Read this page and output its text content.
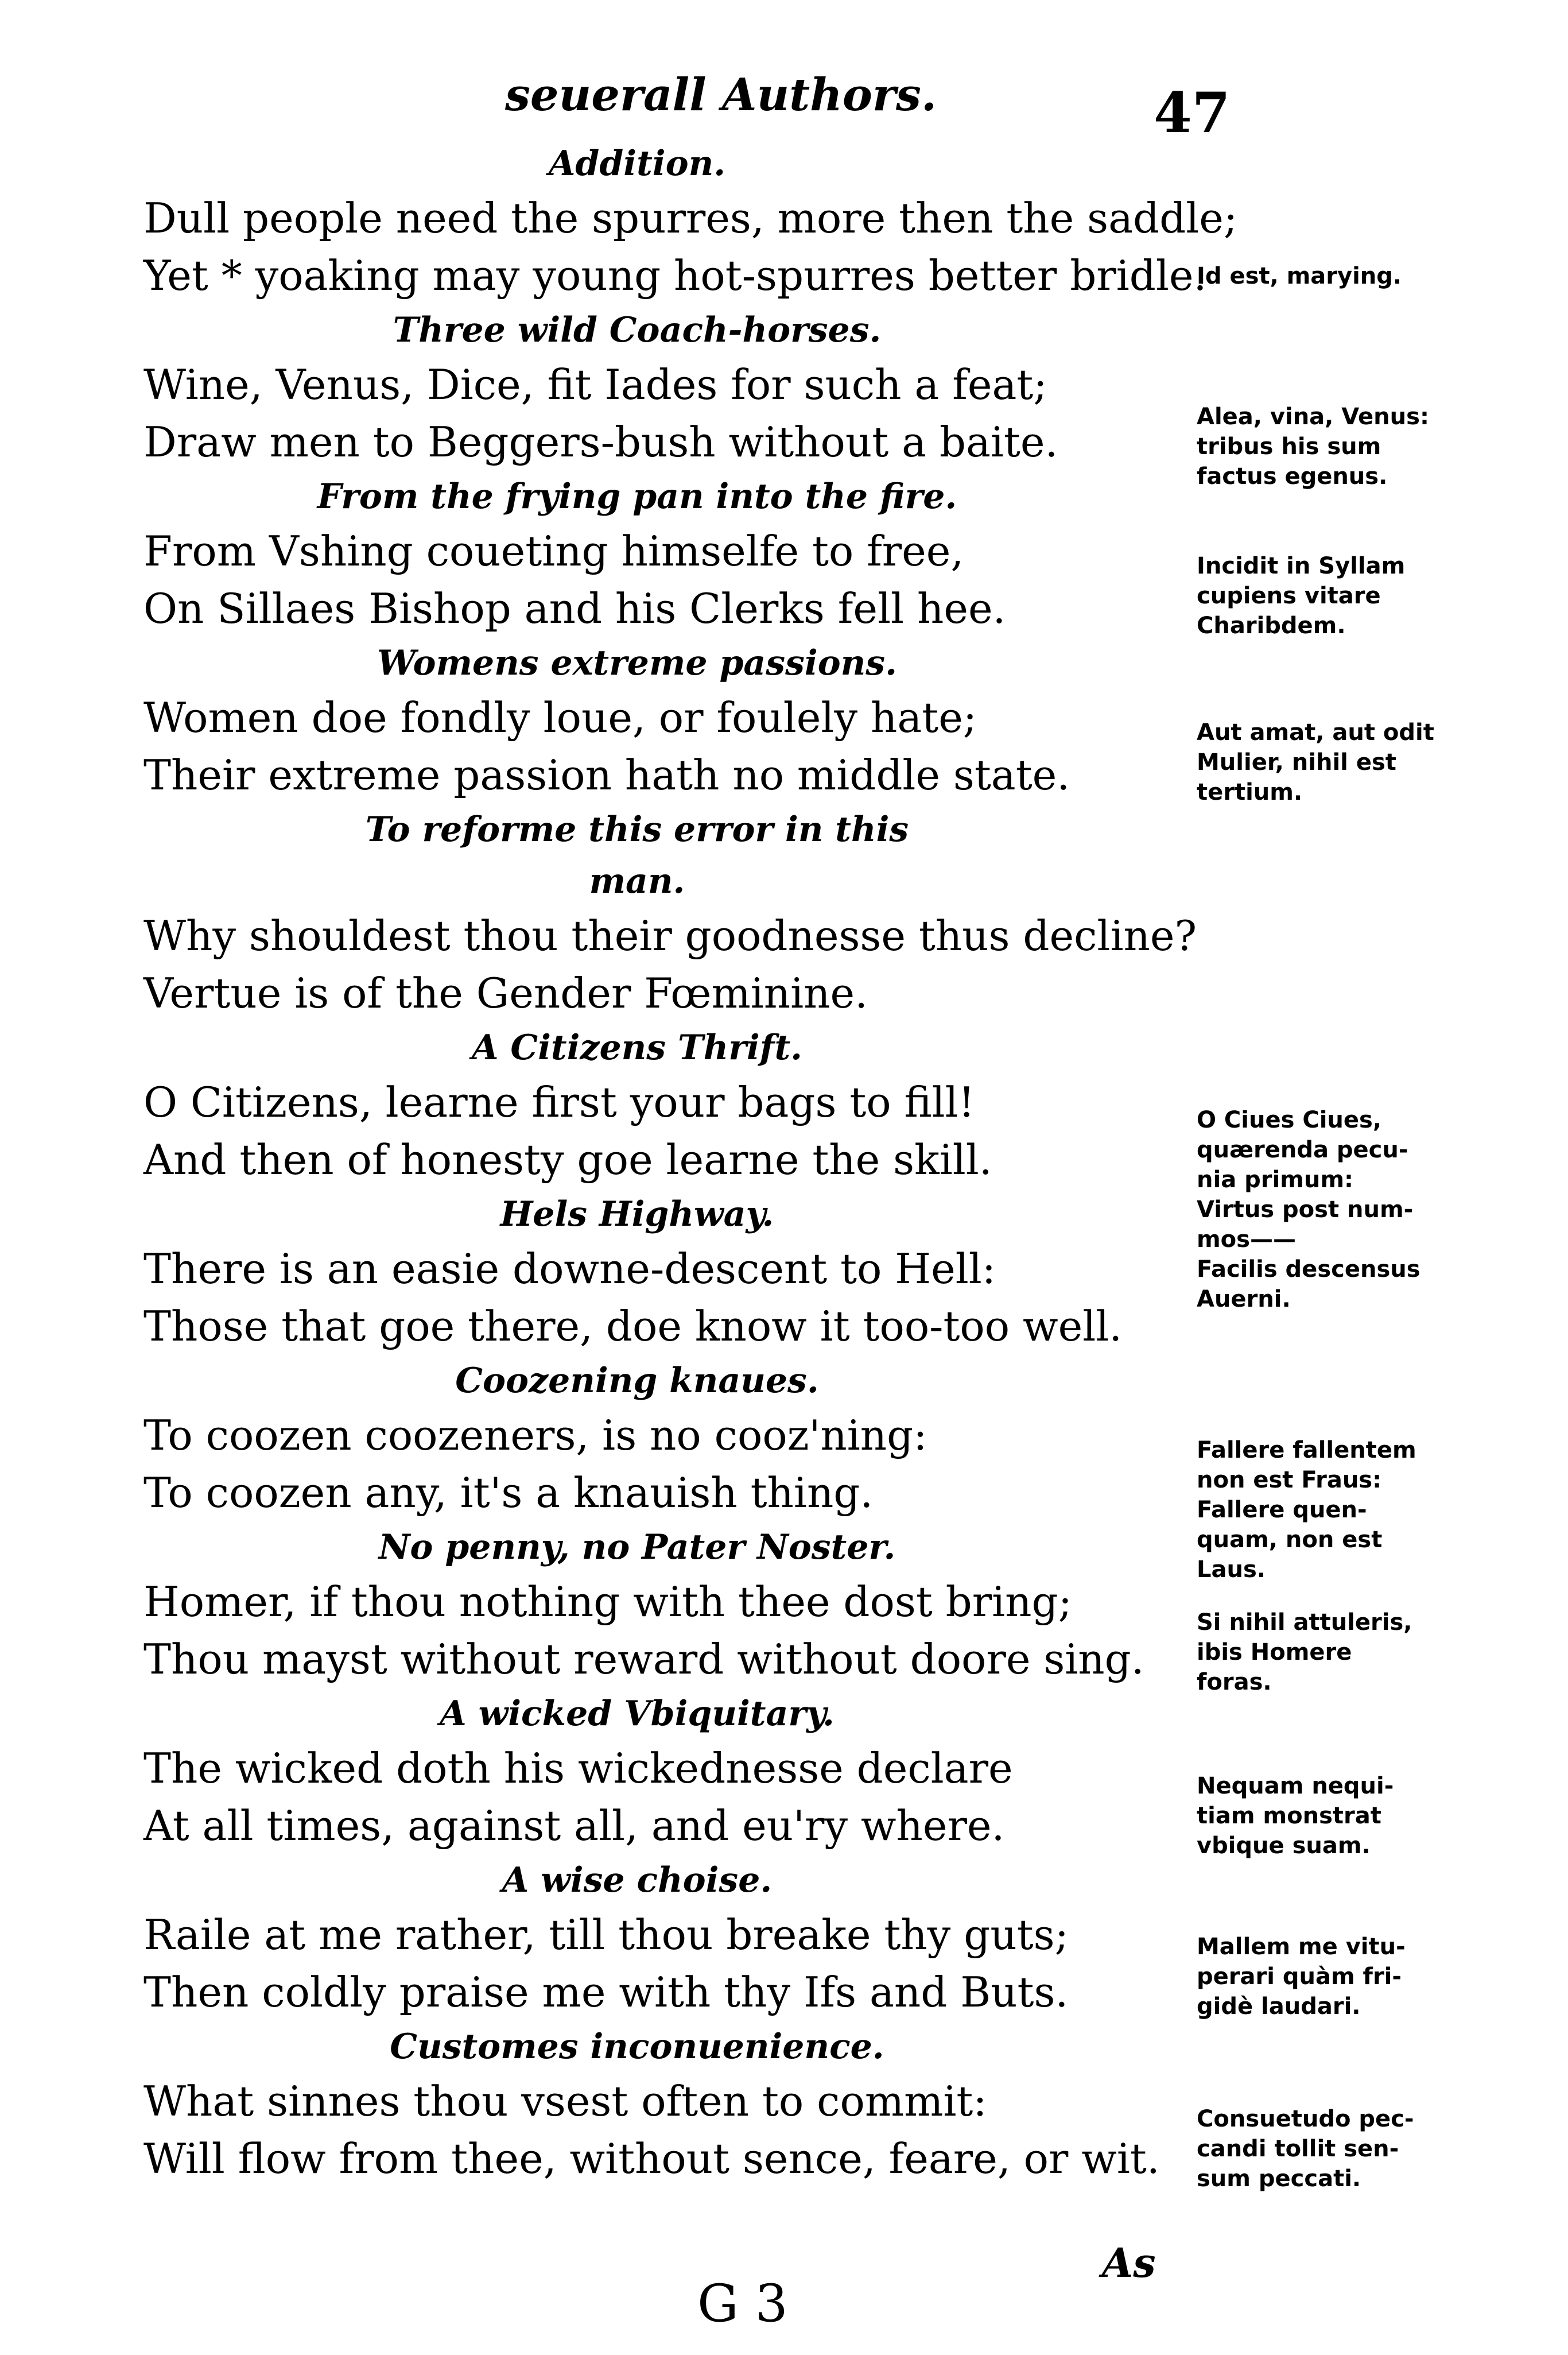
seuerall Authors.	47
Addition.
Dull people need the spurres, more then the saddle;
Yet * yoaking may young hot-spurres better bridle.
Three wild Coach-horses.
Wine, Venus, Dice, fit Iades for such a feat;
Draw men to Beggers-bush without a baite.
From the frying pan into the fire.
From Vshing coueting himselfe to free,
On Sillaes Bishop and his Clerks fell hee.
Womens extreme passions.
Women doe fondly loue, or foulely hate;
Their extreme passion hath no middle state.
To reforme this error in this
man.
Why shouldest thou their goodnesse thus decline?
Vertue is of the Gender Fœminine.
A Citizens Thrift.
O Citizens, learne first your bags to fill!
And then of honesty goe learne the skill.
Hels Highway.
There is an easie downe-descent to Hell:
Those that goe there, doe know it too-too well.
Coozening knaues.
To coozen coozeners, is no cooz'ning:
To coozen any, it's a knauish thing.
No penny, no Pater Noster.
Homer, if thou nothing with thee dost bring;
Thou mayst without reward without doore sing.
A wicked Vbiquitary.
The wicked doth his wickednesse declare
At all times, against all, and eu'ry where.
A wise choise.
Raile at me rather, till thou breake thy guts;
Then coldly praise me with thy Ifs and Buts.
Customes inconuenience.
What sinnes thou vsest often to commit:
Will flow from thee, without sence, feare, or wit.
Id est, marying.
Alea, vina, Venus:
tribus his sum
factus egenus.
Incidit in Syllam
cupiens vitare
Charibdem.
Aut amat, aut odit
Mulier, nihil est
tertium.
O Ciues Ciues,
quærenda pecu-
nia primum:
Virtus post num-
mos——
Facilis descensus
Auerni.
Fallere fallentem
non est Fraus:
Fallere quen-
quam, non est
Laus.
Si nihil attuleris,
ibis Homere
foras.
Nequam nequi-
tiam monstrat
vbique suam.
Mallem me vitu-
perari quàm fri-
gidè laudari.
Consuetudo pec-
candi tollit sen-
sum peccati.
G 3
As
